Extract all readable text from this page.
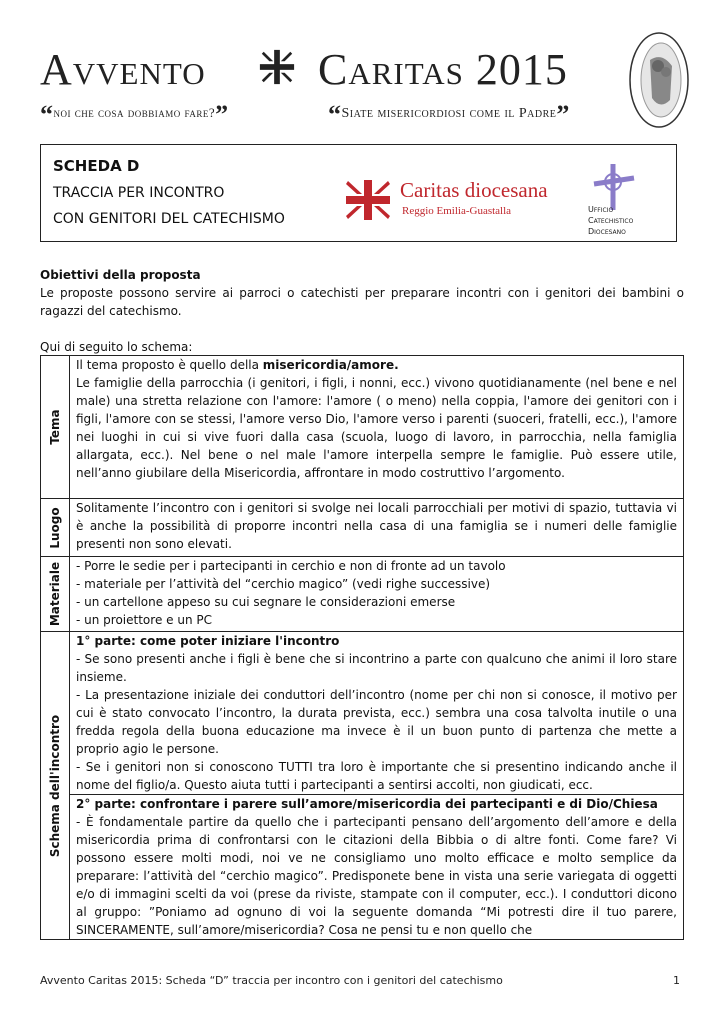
Avvento	Caritas 2015
“noi che cosa dobbiamo fare?”	“Siate misericordiosi come il Padre”
SCHEDA D
TRACCIA PER INCONTRO
CON GENITORI DEL CATECHISMO
Caritas diocesana
Reggio Emilia-Guastalla	Ufficio
Catechistico
Diocesano
Obiettivi della proposta
Le proposte possono servire ai parroci o catechisti per preparare incontri con i genitori dei bambini o ragazzi del catechismo.
Qui di seguito lo schema:
Tema	Il tema proposto è quello della misericordia/amore.
Le famiglie della parrocchia (i genitori, i figli, i nonni, ecc.) vivono quotidianamente (nel bene e nel male) una stretta relazione con l'amore: l'amore ( o meno) nella coppia, l'amore dei genitori con i figli, l'amore con se stessi, l'amore verso Dio, l'amore verso i parenti (suoceri, fratelli, ecc.), l'amore nei luoghi in cui si vive fuori dalla casa (scuola, luogo di lavoro, in parrocchia, nella famiglia allargata, ecc.). Nel bene o nel male l'amore interpella sempre le famiglie. Può essere utile, nell’anno giubilare della Misericordia, affrontare in modo costruttivo l’argomento.

Luogo	Solitamente l’incontro con i genitori si svolge nei locali parrocchiali per motivi di spazio, tuttavia vi è anche la possibilità di proporre incontri nella casa di una famiglia se i numeri delle famiglie presenti non sono elevati.

Materiale	- Porre le sedie per i partecipanti in cerchio e non di fronte ad un tavolo
- materiale per l’attività del “cerchio magico” (vedi righe successive)
- un cartellone appeso su cui segnare le considerazioni emerse
- un proiettore e un PC

Schema dell'incontro	1° parte: come poter iniziare l'incontro
- Se sono presenti anche i figli è bene che si incontrino a parte con qualcuno che animi il loro stare insieme.
- La presentazione iniziale dei conduttori dell’incontro (nome per chi non si conosce, il motivo per cui è stato convocato l’incontro, la durata prevista, ecc.) sembra una cosa talvolta inutile o una fredda regola della buona educazione ma invece è il un buon punto di partenza che mette a proprio agio le persone.
- Se i genitori non si conoscono TUTTI tra loro è importante che si presentino indicando anche il nome del figlio/a. Questo aiuta tutti i partecipanti a sentirsi accolti, non giudicati, ecc.

	2° parte: confrontare i parere sull’amore/misericordia dei partecipanti e di Dio/Chiesa
- È fondamentale partire da quello che i partecipanti pensano dell’argomento dell’amore e della misericordia prima di confrontarsi con le citazioni della Bibbia o di altre fonti. Come fare? Vi possono essere molti modi, noi ve ne consigliamo uno molto efficace e molto semplice da preparare: l’attività del “cerchio magico”. Predisponete bene in vista una serie variegata di oggetti e/o di immagini scelti da voi (prese da riviste, stampate con il computer, ecc.). I conduttori dicono al gruppo: ”Poniamo ad ognuno di voi la seguente domanda “Mi potresti dire il tuo parere, SINCERAMENTE, sull’amore/misericordia? Cosa ne pensi tu e non quello che
Avvento Caritas 2015: Scheda “D” traccia per incontro con i genitori del catechismo	1
